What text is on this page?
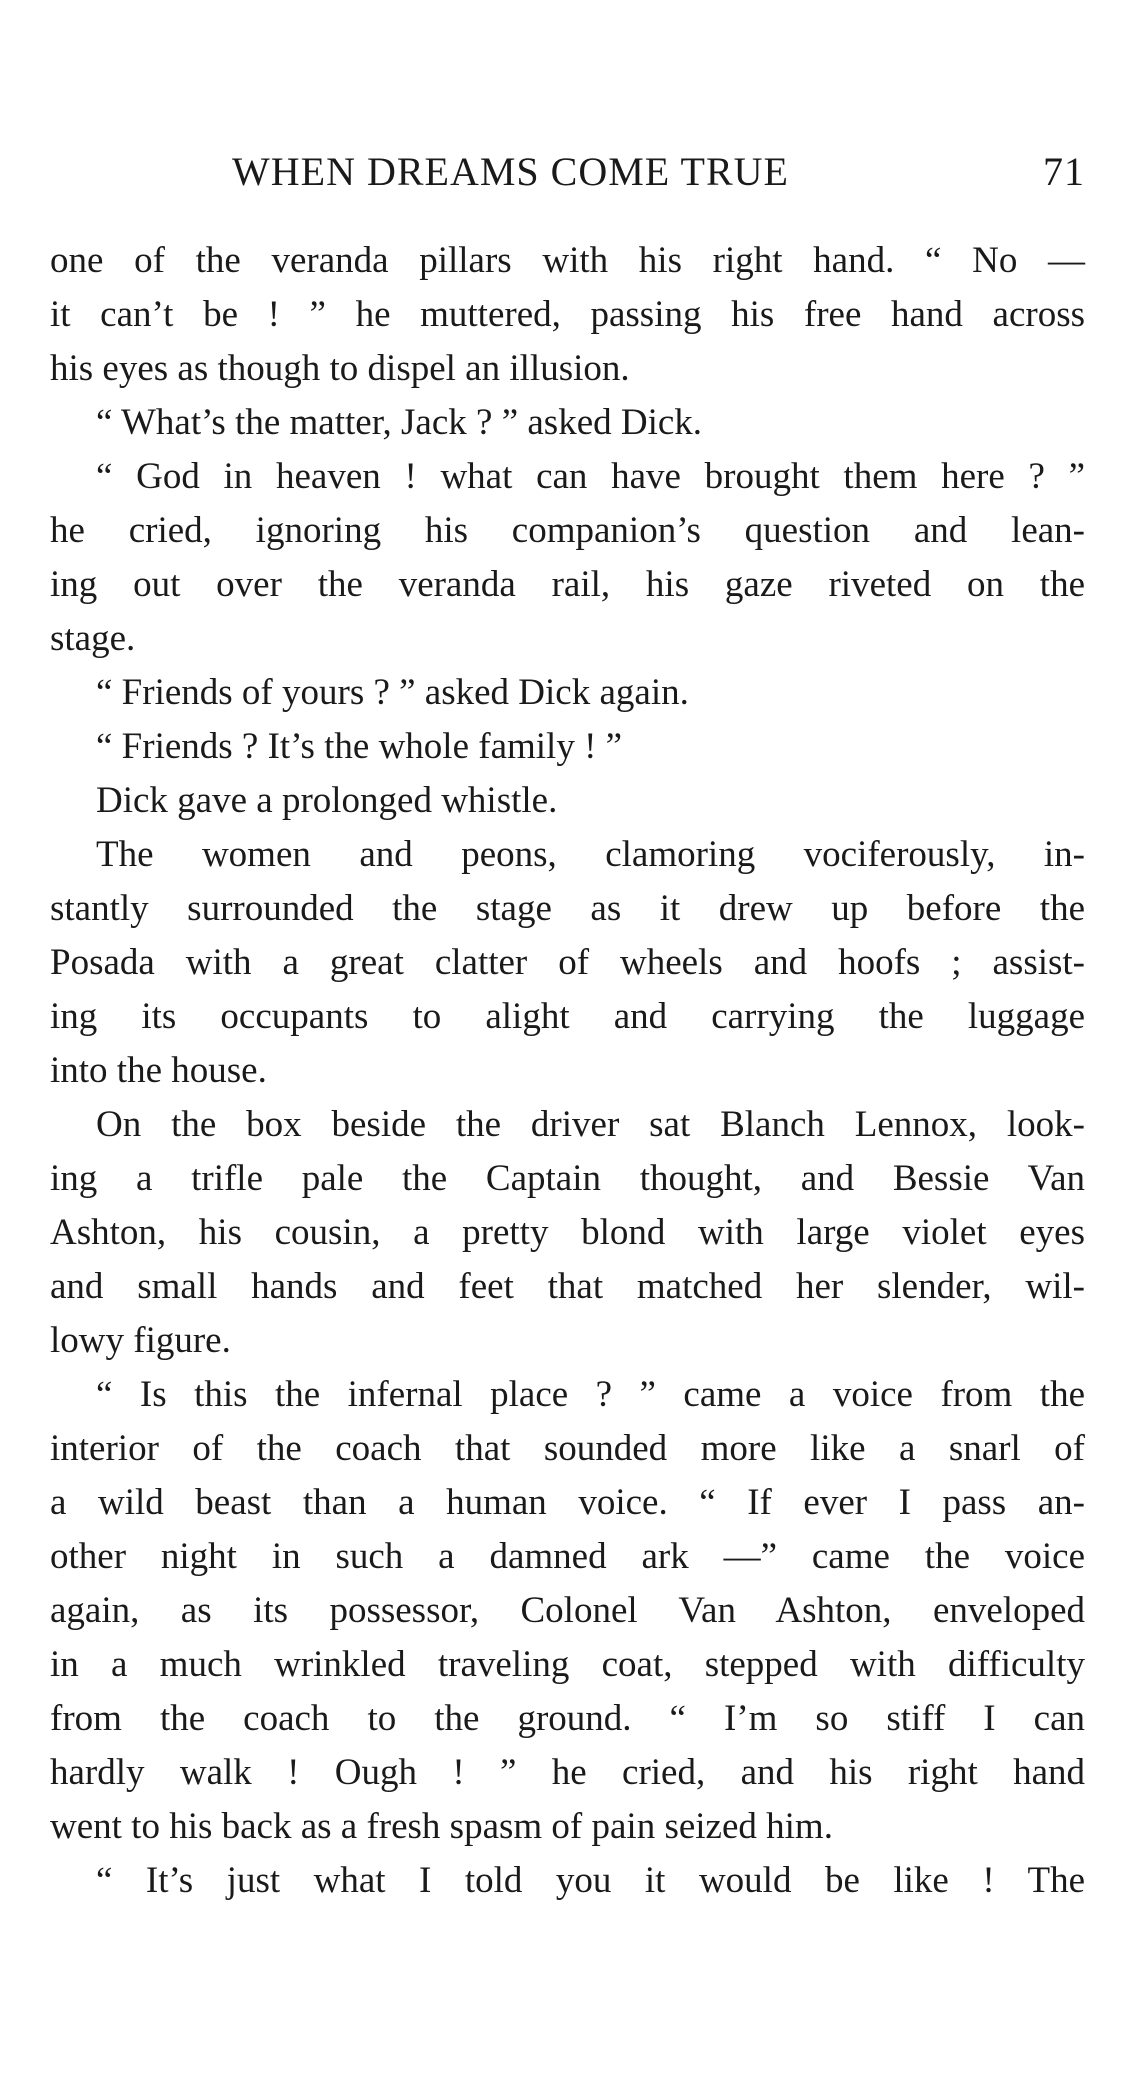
WHEN DREAMS COME TRUE	71
one of the veranda pillars with his right hand. “ No —
it can’t be ! ” he muttered, passing his free hand across
his eyes as though to dispel an illusion.
“ What’s the matter, Jack ? ” asked Dick.
“ God in heaven ! what can have brought them here ? ”
he cried, ignoring his companion’s question and lean-
ing out over the veranda rail, his gaze riveted on the
stage.
“ Friends of yours ? ” asked Dick again.
“ Friends ? It’s the whole family ! ”
Dick gave a prolonged whistle.
The women and peons, clamoring vociferously, in-
stantly surrounded the stage as it drew up before the
Posada with a great clatter of wheels and hoofs ; assist-
ing its occupants to alight and carrying the luggage
into the house.
On the box beside the driver sat Blanch Lennox, look-
ing a trifle pale the Captain thought, and Bessie Van
Ashton, his cousin, a pretty blond with large violet eyes
and small hands and feet that matched her slender, wil-
lowy figure.
“ Is this the infernal place ? ” came a voice from the
interior of the coach that sounded more like a snarl of
a wild beast than a human voice. “ If ever I pass an-
other night in such a damned ark —” came the voice
again, as its possessor, Colonel Van Ashton, enveloped
in a much wrinkled traveling coat, stepped with difficulty
from the coach to the ground. “ I’m so stiff I can
hardly walk ! Ough ! ” he cried, and his right hand
went to his back as a fresh spasm of pain seized him.
“ It’s just what I told you it would be like ! The
